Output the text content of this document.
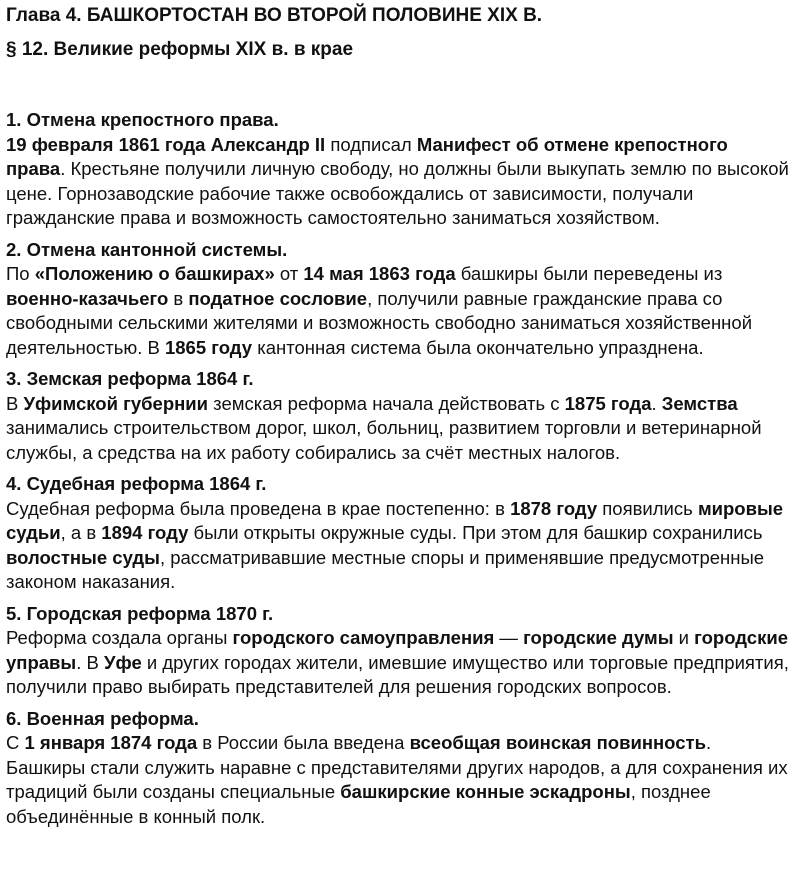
Глава 4. БАШКОРТОСТАН ВО ВТОРОЙ ПОЛОВИНЕ XIX В.
§ 12. Великие реформы XIX в. в крае
1. Отмена крепостного права.
19 февраля 1861 года Александр II подписал Манифест об отмене крепостного права. Крестьяне получили личную свободу, но должны были выкупать землю по высокой цене. Горнозаводские рабочие также освобождались от зависимости, получали гражданские права и возможность самостоятельно заниматься хозяйством.
2. Отмена кантонной системы.
По «Положению о башкирах» от 14 мая 1863 года башкиры были переведены из военно-казачьего в податное сословие, получили равные гражданские права со свободными сельскими жителями и возможность свободно заниматься хозяйственной деятельностью. В 1865 году кантонная система была окончательно упразднена.
3. Земская реформа 1864 г.
В Уфимской губернии земская реформа начала действовать с 1875 года. Земства занимались строительством дорог, школ, больниц, развитием торговли и ветеринарной службы, а средства на их работу собирались за счёт местных налогов.
4. Судебная реформа 1864 г.
Судебная реформа была проведена в крае постепенно: в 1878 году появились мировые судьи, а в 1894 году были открыты окружные суды. При этом для башкир сохранились волостные суды, рассматривавшие местные споры и применявшие предусмотренные законом наказания.
5. Городская реформа 1870 г.
Реформа создала органы городского самоуправления — городские думы и городские управы. В Уфе и других городах жители, имевшие имущество или торговые предприятия, получили право выбирать представителей для решения городских вопросов.
6. Военная реформа.
С 1 января 1874 года в России была введена всеобщая воинская повинность. Башкиры стали служить наравне с представителями других народов, а для сохранения их традиций были созданы специальные башкирские конные эскадроны, позднее объединённые в конный полк.
